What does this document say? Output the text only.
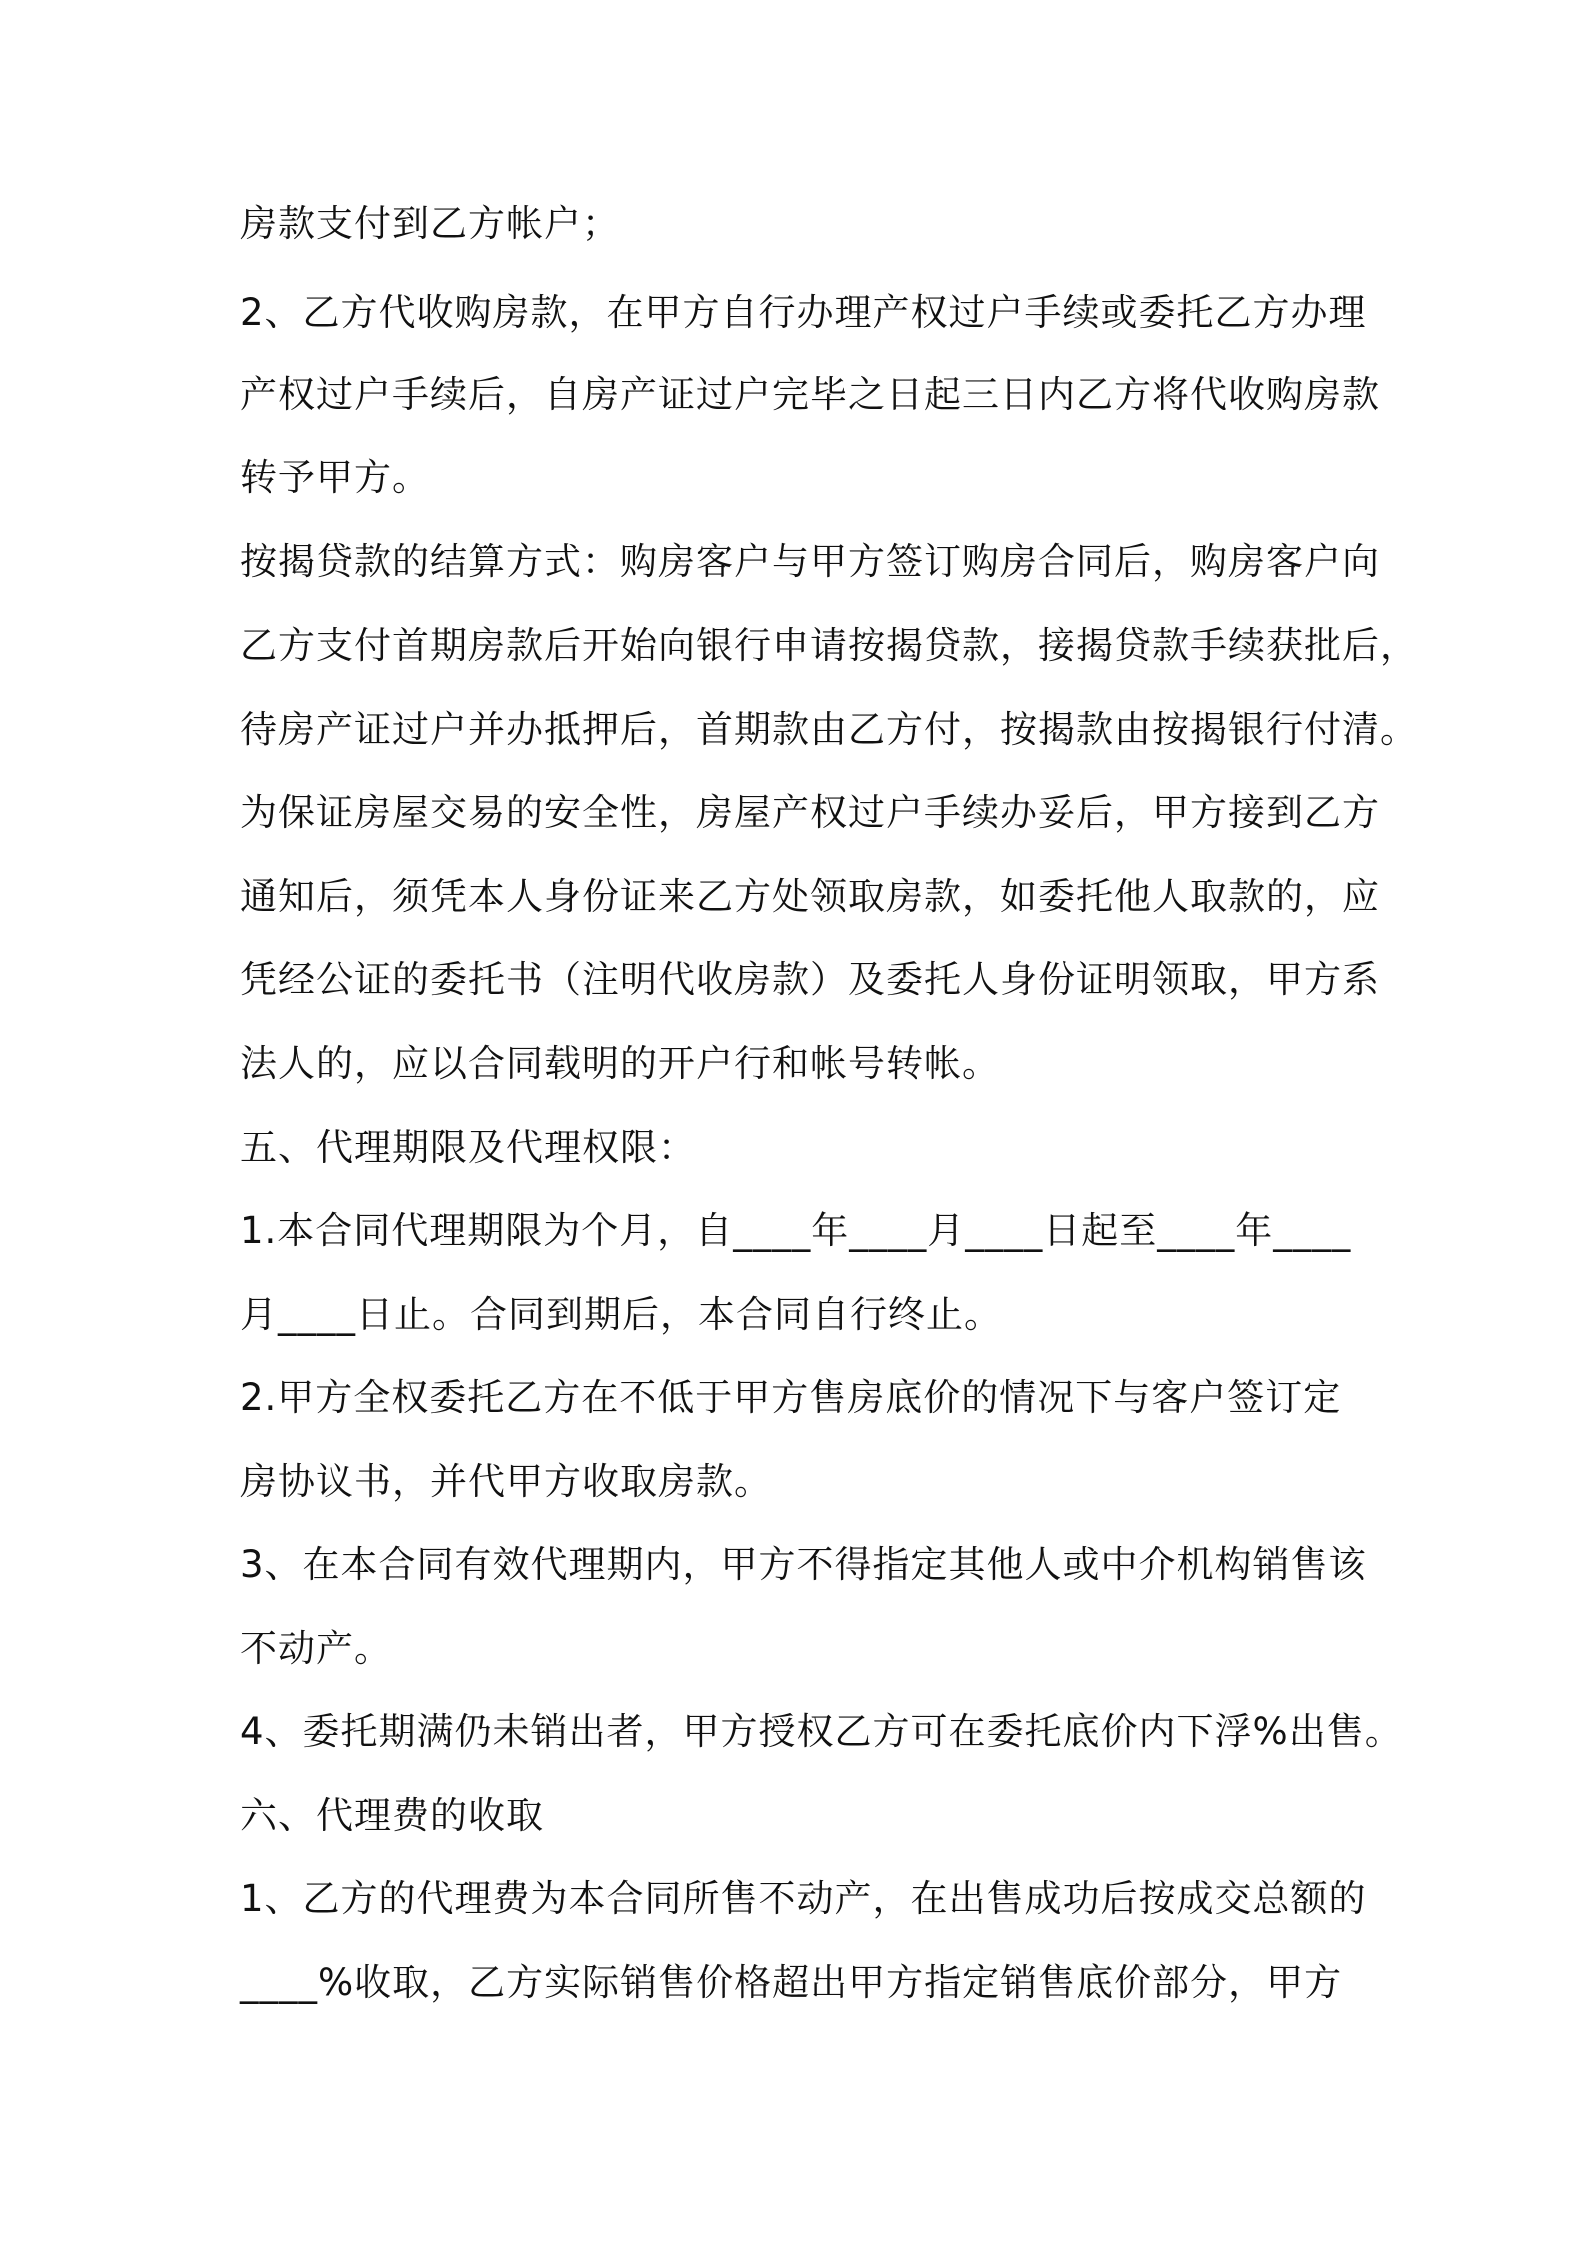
房款支付到乙方帐户；

2、乙方代收购房款，在甲方自行办理产权过户手续或委托乙方办理

产权过户手续后，自房产证过户完毕之日起三日内乙方将代收购房款

转予甲方。

按揭贷款的结算方式：购房客户与甲方签订购房合同后，购房客户向

乙方支付首期房款后开始向银行申请按揭贷款，接揭贷款手续获批后，

待房产证过户并办抵押后，首期款由乙方付，按揭款由按揭银行付清。

为保证房屋交易的安全性，房屋产权过户手续办妥后，甲方接到乙方

通知后，须凭本人身份证来乙方处领取房款，如委托他人取款的，应

凭经公证的委托书（注明代收房款）及委托人身份证明领取，甲方系

法人的，应以合同载明的开户行和帐号转帐。

五、代理期限及代理权限：

1.本合同代理期限为个月，自____年____月____日起至____年____

月____日止。合同到期后，本合同自行终止。

2.甲方全权委托乙方在不低于甲方售房底价的情况下与客户签订定

房协议书，并代甲方收取房款。

3、在本合同有效代理期内，甲方不得指定其他人或中介机构销售该

不动产。

4、委托期满仍未销出者，甲方授权乙方可在委托底价内下浮%出售。

六、代理费的收取

1、乙方的代理费为本合同所售不动产，在出售成功后按成交总额的

____%收取，乙方实际销售价格超出甲方指定销售底价部分，甲方
